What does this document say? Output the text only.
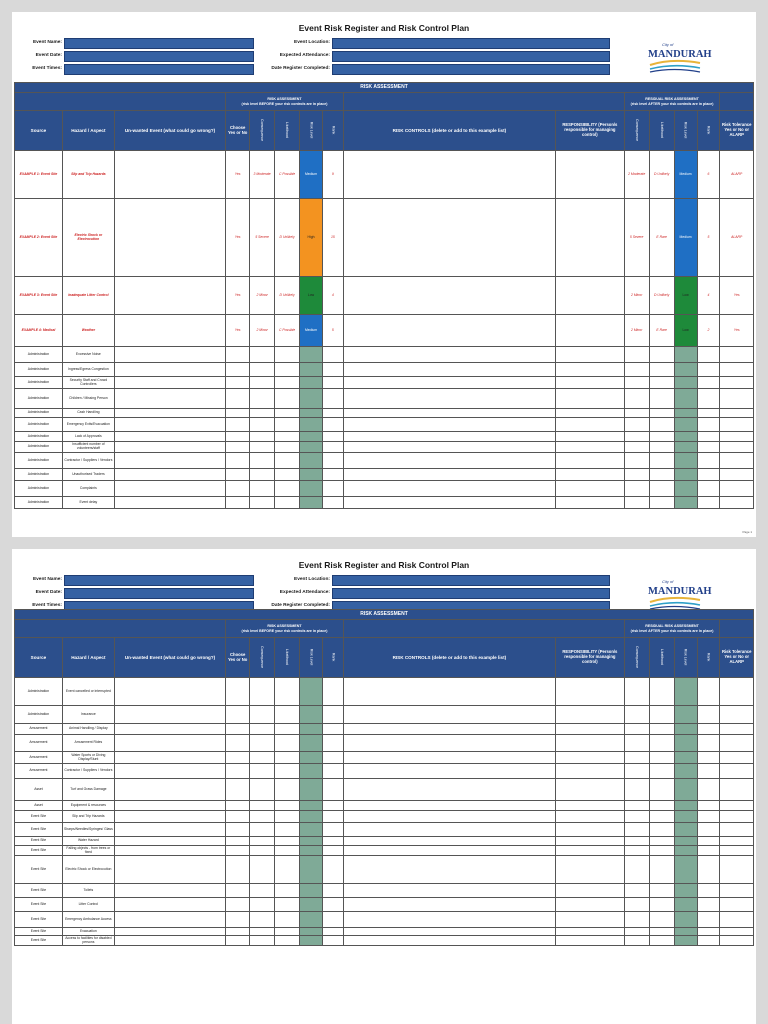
Event Risk Register and Risk Control Plan
Event Name:
Event Date:
Event Times:
Event Location:
Expected Attendance:
Date Register Completed:
City of
MANDURAH
RISK ASSESSMENT														
			RISK ASSESSMENT
(risk level BEFORE your risk controls are in place)							RESIDUAL RISK ASSESSMENT
(risk level AFTER your risk controls are in place)				
Source	Hazard / Aspect	Un-wanted Event (what could go wrong?)	Choose Yes or No	Consequence	Likelihood	Risk Level	Rank	RISK CONTROLS (delete or add to this example list)	RESPONSIBILITY (Person/s responsible for managing control)	Consequence	Likelihood	Risk Level	Rank	Risk Tolerance Yes or No or ALARP
EXAMPLE 1: Event Site	Slip and Trip Hazards		Yes	3 Moderate	C Possible	Medium	9			2 Moderate	D Unlikely	Medium	6	ALARP
EXAMPLE 2: Event Site	Electric Shock or Electrocution		Yes	5 Severe	D Unlikely	High	15			5 Severe	E Rare	Medium	5	ALARP
EXAMPLE 3: Event Site	Inadequate Litter Control		Yes	2 Minor	D Unlikely	Low	4			2 Minor	D Unlikely	Low	4	Yes
EXAMPLE 4: Medical	Weather		Yes	2 Minor	C Possible	Medium	5			2 Minor	E Rare	Low	2	Yes
Administration	Excessive Noise													
Administration	Ingress/Egress Congestion													
Administration	Security Staff and Crowd Controllers													
Administration	Children / Missing Person													
Administration	Cash Handling													
Administration	Emergency Exits/Evacuation													
Administration	Lack of Approvals													
Administration	Insufficient number of volunteers/staff													
Administration	Contractor / Suppliers / Vendors													
Administration	Unauthorised Traders													
Administration	Complaints													
Administration	Event delay													
Page 1
Event Risk Register and Risk Control Plan
Event Name:
Event Date:
Event Times:
Event Location:
Expected Attendance:
Date Register Completed:
City of
MANDURAH
RISK ASSESSMENT														
			RISK ASSESSMENT
(risk level BEFORE your risk controls are in place)							RESIDUAL RISK ASSESSMENT
(risk level AFTER your risk controls are in place)				
Source	Hazard / Aspect	Un-wanted Event (what could go wrong?)	Choose Yes or No	Consequence	Likelihood	Risk Level	Rank	RISK CONTROLS (delete or add to this example list)	RESPONSIBILITY (Person/s responsible for managing control)	Consequence	Likelihood	Risk Level	Rank	Risk Tolerance Yes or No or ALARP
Administration	Event cancelled or interrupted													
Administration	Insurance													
Amusement	Animal Handling / Display													
Amusement	Amusement Rides													
Amusement	Water Sports or Diving Display/Stunt													
Amusement	Contractor / Suppliers / Vendors													
Asset	Turf and Grass Damage													
Asset	Equipment & resources													
Event Site	Slip and Trip Hazards													
Event Site	Sharps/Needles/Syringes/ Glass													
Event Site	Water Hazard													
Event Site	Falling objects - from trees or fixed													
Event Site	Electric Shock or Electrocution													
Event Site	Toilets													
Event Site	Litter Control													
Event Site	Emergency Ambulance Access													
Event Site	Evacuation													
Event Site	Access to facilities for disabled persons													
